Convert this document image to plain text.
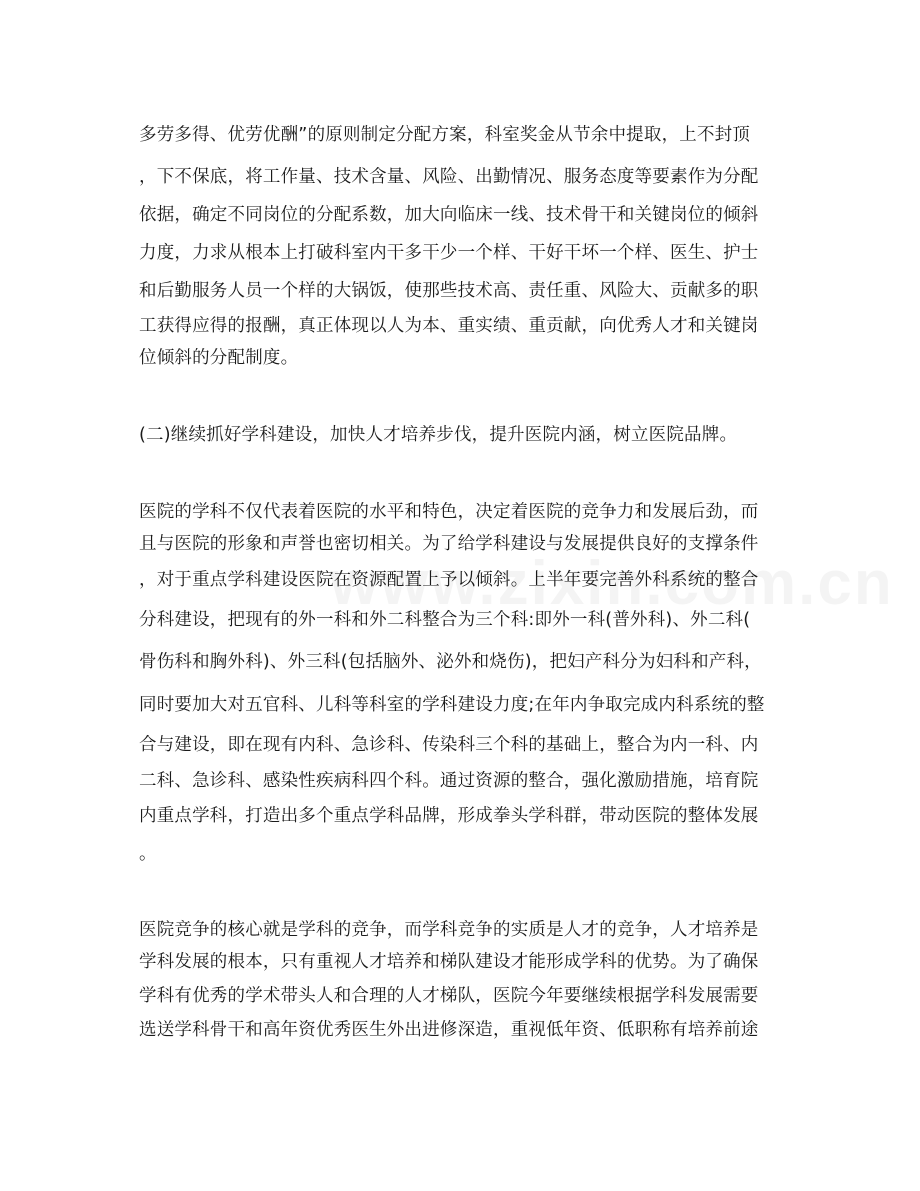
多劳多得、优劳优酬”的原则制定分配方案，科室奖金从节余中提取，上不封顶
，下不保底，将工作量、技术含量、风险、出勤情况、服务态度等要素作为分配
依据，确定不同岗位的分配系数，加大向临床一线、技术骨干和关键岗位的倾斜
力度，力求从根本上打破科室内干多干少一个样、干好干坏一个样、医生、护士
和后勤服务人员一个样的大锅饭，使那些技术高、责任重、风险大、贡献多的职
工获得应得的报酬，真正体现以人为本、重实绩、重贡献，向优秀人才和关键岗
位倾斜的分配制度。
(二)继续抓好学科建设，加快人才培养步伐，提升医院内涵，树立医院品牌。
医院的学科不仅代表着医院的水平和特色，决定着医院的竞争力和发展后劲，而
且与医院的形象和声誉也密切相关。为了给学科建设与发展提供良好的支撑条件
，对于重点学科建设医院在资源配置上予以倾斜。上半年要完善外科系统的整合
分科建设，把现有的外一科和外二科整合为三个科:即外一科(普外科)、外二科(
骨伤科和胸外科)、外三科(包括脑外、泌外和烧伤)，把妇产科分为妇科和产科，
同时要加大对五官科、儿科等科室的学科建设力度;在年内争取完成内科系统的整
合与建设，即在现有内科、急诊科、传染科三个科的基础上，整合为内一科、内
二科、急诊科、感染性疾病科四个科。通过资源的整合，强化激励措施，培育院
内重点学科，打造出多个重点学科品牌，形成拳头学科群，带动医院的整体发展
。
医院竞争的核心就是学科的竞争，而学科竞争的实质是人才的竞争，人才培养是
学科发展的根本，只有重视人才培养和梯队建设才能形成学科的优势。为了确保
学科有优秀的学术带头人和合理的人才梯队，医院今年要继续根据学科发展需要
选送学科骨干和高年资优秀医生外出进修深造，重视低年资、低职称有培养前途
